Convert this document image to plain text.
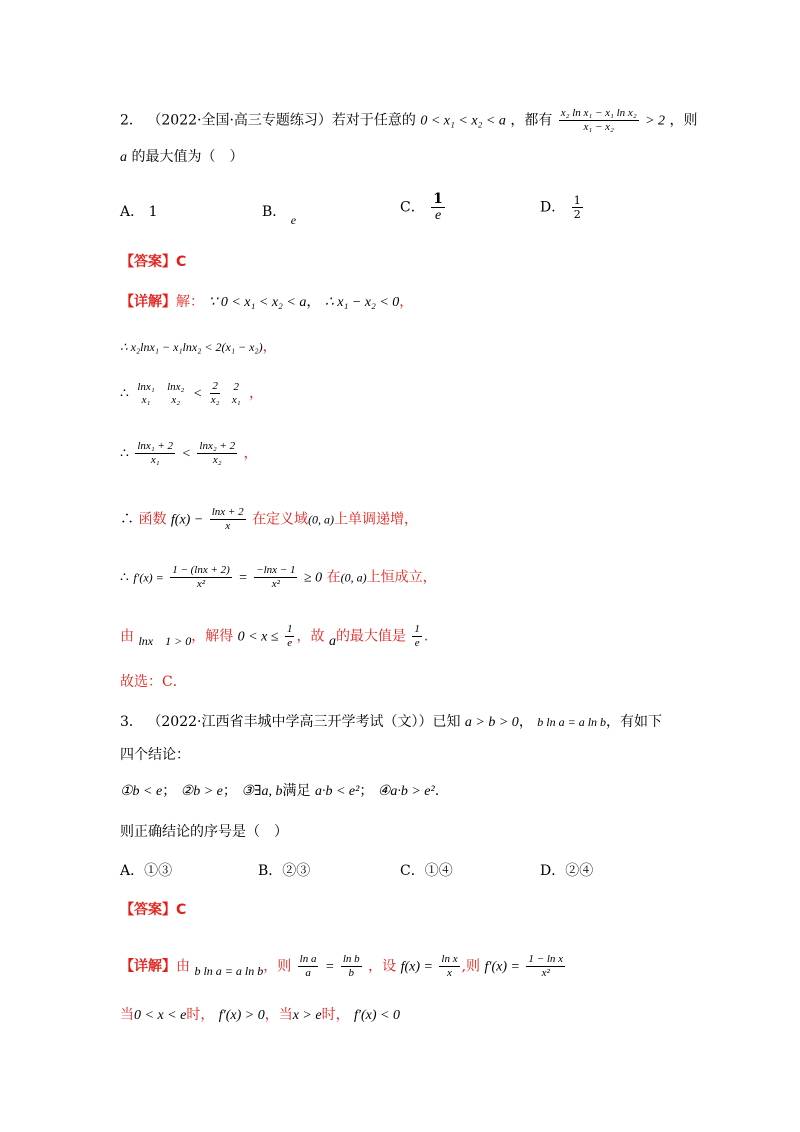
2． （2022·全国·高三专题练习）若对于任意的 0 < x₁ < x₂ < a ，都有 $\frac{\text{x₂ ln x₁ − x₁ ln x₂}}{\text{x₁ − x₂}} > 2$ ，则
a 的最大值为（　）
A． 1	B． e
C． $\frac{1}{e}$	D． $\frac{1}{2}$
【答案】C
【详解】解： ∵ 0 < x₁ < x₂ < a， ∴ x₁ − x₂ < 0，
∴ x₂lnx₁ − x₁lnx₂ < 2(x₁ − x₂)，
∴ lnx₁
x₁

lnx₂
$x_2 < \frac{2}{\text{x₂}}$
2
x₁ ，
∴ $\frac{\text{lnx₁ + 2}}{\text{x₁}} < \frac{\text{lnx₂ + 2}}{\text{x₂}}$ ，
∴ 函数 $f(x) - \frac{\ln x + 2}{x}$ 在定义域(0, a)上单调递增，
∴ $f'(x) = \frac{1 - (\ln x + 2)}{\text{x²}} = \frac{-\ln x - 1}{\text{x²}} \ge 0$ 在(0, a)上恒成立，
由 lnx　1 > 0，解得 $0 < x \le \frac{1}{e}$ ，故 a的最大值是 $\frac{1}{e}$ .
故选：C．
3． （2022·江西省丰城中学高三开学考试（文））已知 a > b > 0， b ln a = a ln b，有如下
四个结论：
①b < e； ②b > e； ③∃a, b满足 a·b < e²； ④a·b > e².
则正确结论的序号是（　）
A．①③	B．②③	C．①④	D．②④
【答案】C
【详解】由 b ln a = a ln b，则 $\frac{\text{ln a}}{a} = \frac{\text{ln b}}{b}$ ，设 $f(x) = \frac{\text{ln x}}{x}$ ,则 $f'(x) = \frac{\text{1 − ln x}}{\text{x²}}$
当0 < x < e时， f′(x) > 0，当x > e时， f′(x) < 0
